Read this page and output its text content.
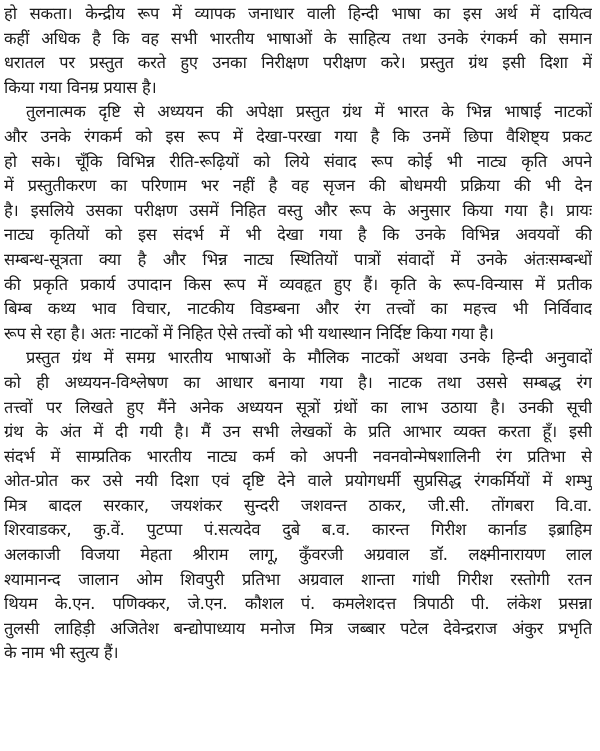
हो सकता। केन्द्रीय रूप में व्यापक जनाधार वाली हिन्दी भाषा का इस अर्थ में दायित्व
कहीं अधिक है कि वह सभी भारतीय भाषाओं के साहित्य तथा उनके रंगकर्म को समान
धरातल पर प्रस्तुत करते हुए उनका निरीक्षण परीक्षण करे। प्रस्तुत ग्रंथ इसी दिशा में
किया गया विनम्र प्रयास है।
तुलनात्मक दृष्टि से अध्ययन की अपेक्षा प्रस्तुत ग्रंथ में भारत के भिन्न भाषाई नाटकों
और उनके रंगकर्म को इस रूप में देखा-परखा गया है कि उनमें छिपा वैशिष्ट्य प्रकट
हो सके। चूँकि विभिन्न रीति-रूढ़ियों को लिये संवाद रूप कोई भी नाट्य कृति अपने
में प्रस्तुतीकरण का परिणाम भर नहीं है वह सृजन की बोधमयी प्रक्रिया की भी देन
है। इसलिये उसका परीक्षण उसमें निहित वस्तु और रूप के अनुसार किया गया है। प्रायः
नाट्य कृतियों को इस संदर्भ में भी देखा गया है कि उनके विभिन्न अवयवों की
सम्बन्ध-सूत्रता क्या है और भिन्न नाट्य स्थितियों पात्रों संवादों में उनके अंतःसम्बन्धों
की प्रकृति प्रकार्य उपादान किस रूप में व्यवहृत हुए हैं। कृति के रूप-विन्यास में प्रतीक
बिम्ब कथ्य भाव विचार, नाटकीय विडम्बना और रंग तत्त्वों का महत्त्व भी निर्विवाद
रूप से रहा है। अतः नाटकों में निहित ऐसे तत्त्वों को भी यथास्थान निर्दिष्ट किया गया है।
प्रस्तुत ग्रंथ में समग्र भारतीय भाषाओं के मौलिक नाटकों अथवा उनके हिन्दी अनुवादों
को ही अध्ययन-विश्लेषण का आधार बनाया गया है। नाटक तथा उससे सम्बद्ध रंग
तत्त्वों पर लिखते हुए मैंने अनेक अध्ययन सूत्रों ग्रंथों का लाभ उठाया है। उनकी सूची
ग्रंथ के अंत में दी गयी है। मैं उन सभी लेखकों के प्रति आभार व्यक्त करता हूँ। इसी
संदर्भ में साम्प्रतिक भारतीय नाट्य कर्म को अपनी नवनवोन्मेषशालिनी रंग प्रतिभा से
ओत-प्रोत कर उसे नयी दिशा एवं दृष्टि देने वाले प्रयोगधर्मी सुप्रसिद्ध रंगकर्मियों में शम्भु
मित्र बादल सरकार, जयशंकर सुन्दरी जशवन्त ठाकर, जी.सी. तोंगबरा वि.वा.
शिरवाडकर, कु.वें. पुटप्पा पं.सत्यदेव दुबे ब.व. कारन्त गिरीश कार्नाड इब्राहिम
अलकाजी विजया मेहता श्रीराम लागू, कुँवरजी अग्रवाल डॉ. लक्ष्मीनारायण लाल
श्यामानन्द जालान ओम शिवपुरी प्रतिभा अग्रवाल शान्ता गांधी गिरीश रस्तोगी रतन
थियम के.एन. पणिक्कर, जे.एन. कौशल पं. कमलेशदत्त त्रिपाठी पी. लंकेश प्रसन्ना
तुलसी लाहिड़ी अजितेश बन्द्योपाध्याय मनोज मित्र जब्बार पटेल देवेन्द्रराज अंकुर प्रभृति
के नाम भी स्तुत्य हैं।
